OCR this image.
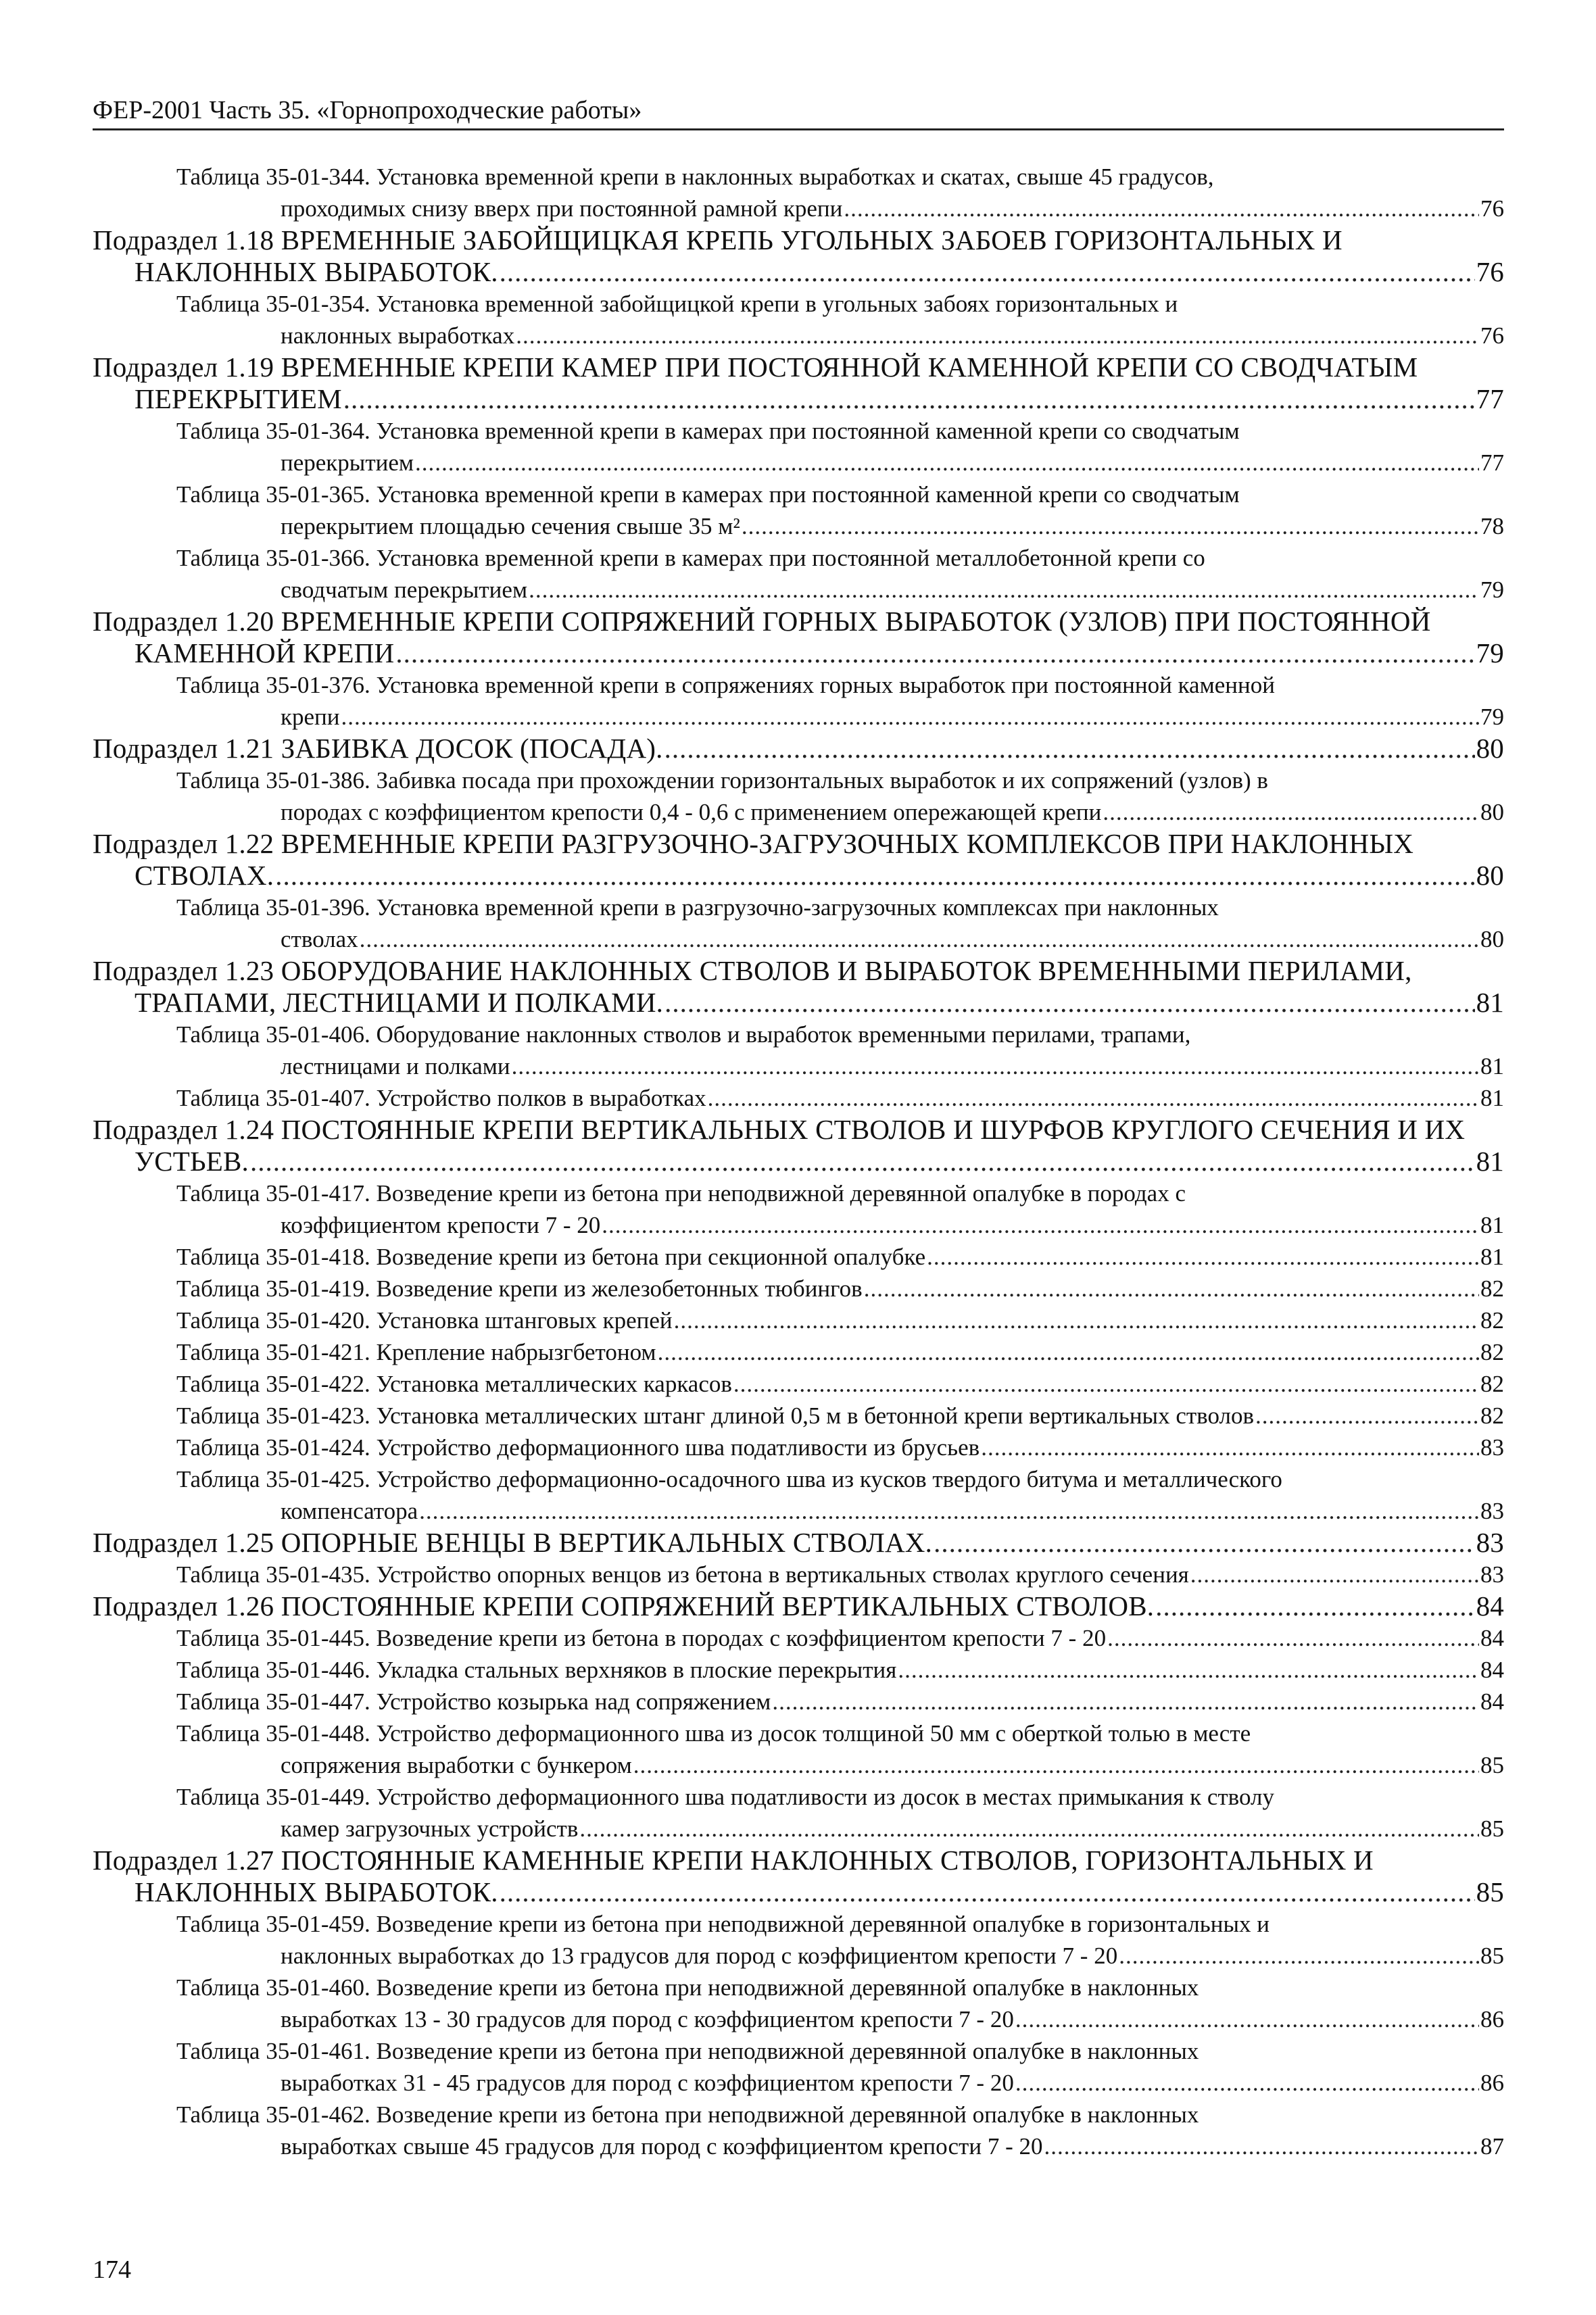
ФЕР-2001 Часть 35. «Горнопроходческие работы»
Таблица 35-01-344. Установка временной крепи в наклонных выработках и скатах, свыше 45 градусов,
проходимых снизу вверх при постоянной рамной крепи .....	76
Подраздел 1.18 ВРЕМЕННЫЕ ЗАБОЙЩИЦКАЯ КРЕПЬ УГОЛЬНЫХ ЗАБОЕВ ГОРИЗОНТАЛЬНЫХ И
НАКЛОННЫХ ВЫРАБОТОК. .....	76
Таблица 35-01-354. Установка временной забойщицкой крепи в угольных забоях горизонтальных и
наклонных выработках .....	76
Подраздел 1.19 ВРЕМЕННЫЕ КРЕПИ КАМЕР ПРИ ПОСТОЯННОЙ КАМЕННОЙ КРЕПИ СО СВОДЧАТЫМ
ПЕРЕКРЫТИЕМ .....	77
Таблица 35-01-364. Установка временной крепи в камерах при постоянной каменной крепи со сводчатым
перекрытием .....	77
Таблица 35-01-365. Установка временной крепи в камерах при постоянной каменной крепи со сводчатым
перекрытием площадью сечения свыше 35 м² .....	78
Таблица 35-01-366. Установка временной крепи в камерах при постоянной металлобетонной крепи со
сводчатым перекрытием .....	79
Подраздел 1.20 ВРЕМЕННЫЕ КРЕПИ СОПРЯЖЕНИЙ ГОРНЫХ ВЫРАБОТОК (УЗЛОВ) ПРИ ПОСТОЯННОЙ
КАМЕННОЙ КРЕПИ .....	79
Таблица 35-01-376. Установка временной крепи в сопряжениях горных выработок при постоянной каменной
крепи .....	79
Подраздел 1.21 ЗАБИВКА ДОСОК (ПОСАДА). .....	80
Таблица 35-01-386. Забивка посада при прохождении горизонтальных выработок и их сопряжений (узлов) в
породах с коэффициентом крепости 0,4 - 0,6 с применением опережающей крепи .....	80
Подраздел 1.22 ВРЕМЕННЫЕ КРЕПИ РАЗГРУЗОЧНО-ЗАГРУЗОЧНЫХ КОМПЛЕКСОВ ПРИ НАКЛОННЫХ
СТВОЛАХ. .....	80
Таблица 35-01-396. Установка временной крепи в разгрузочно-загрузочных комплексах при наклонных
стволах .....	80
Подраздел 1.23 ОБОРУДОВАНИЕ НАКЛОННЫХ СТВОЛОВ И ВЫРАБОТОК ВРЕМЕННЫМИ ПЕРИЛАМИ,
ТРАПАМИ, ЛЕСТНИЦАМИ И ПОЛКАМИ. .....	81
Таблица 35-01-406. Оборудование наклонных стволов и выработок временными перилами, трапами,
лестницами и полками .....	81
Таблица 35-01-407. Устройство полков в выработках .....	81
Подраздел 1.24 ПОСТОЯННЫЕ КРЕПИ ВЕРТИКАЛЬНЫХ СТВОЛОВ И ШУРФОВ КРУГЛОГО СЕЧЕНИЯ И ИХ
УСТЬЕВ. .....	81
Таблица 35-01-417. Возведение крепи из бетона при неподвижной деревянной опалубке в породах с
коэффициентом крепости 7 - 20 .....	81
Таблица 35-01-418. Возведение крепи из бетона при секционной опалубке .....	81
Таблица 35-01-419. Возведение крепи из железобетонных тюбингов .....	82
Таблица 35-01-420. Установка штанговых крепей .....	82
Таблица 35-01-421. Крепление набрызгбетоном .....	82
Таблица 35-01-422. Установка металлических каркасов .....	82
Таблица 35-01-423. Установка металлических штанг длиной 0,5 м в бетонной крепи вертикальных стволов .....	82
Таблица 35-01-424. Устройство деформационного шва податливости из брусьев .....	83
Таблица 35-01-425. Устройство деформационно-осадочного шва из кусков твердого битума и металлического
компенсатора .....	83
Подраздел 1.25 ОПОРНЫЕ ВЕНЦЫ В ВЕРТИКАЛЬНЫХ СТВОЛАХ. .....	83
Таблица 35-01-435. Устройство опорных венцов из бетона в вертикальных стволах круглого сечения .....	83
Подраздел 1.26 ПОСТОЯННЫЕ КРЕПИ СОПРЯЖЕНИЙ ВЕРТИКАЛЬНЫХ СТВОЛОВ. .....	84
Таблица 35-01-445. Возведение крепи из бетона в породах с коэффициентом крепости 7 - 20 .....	84
Таблица 35-01-446. Укладка стальных верхняков в плоские перекрытия .....	84
Таблица 35-01-447. Устройство козырька над сопряжением .....	84
Таблица 35-01-448. Устройство деформационного шва из досок толщиной 50 мм с оберткой толью в месте
сопряжения выработки с бункером .....	85
Таблица 35-01-449. Устройство деформационного шва податливости из досок в местах примыкания к стволу
камер загрузочных устройств .....	85
Подраздел 1.27 ПОСТОЯННЫЕ КАМЕННЫЕ КРЕПИ НАКЛОННЫХ СТВОЛОВ, ГОРИЗОНТАЛЬНЫХ И
НАКЛОННЫХ ВЫРАБОТОК. .....	85
Таблица 35-01-459. Возведение крепи из бетона при неподвижной деревянной опалубке в горизонтальных и
наклонных выработках до 13 градусов для пород с коэффициентом крепости 7 - 20 .....	85
Таблица 35-01-460. Возведение крепи из бетона при неподвижной деревянной опалубке в наклонных
выработках 13 - 30 градусов для пород с коэффициентом крепости 7 - 20 .....	86
Таблица 35-01-461. Возведение крепи из бетона при неподвижной деревянной опалубке в наклонных
выработках 31 - 45 градусов для пород с коэффициентом крепости 7 - 20 .....	86
Таблица 35-01-462. Возведение крепи из бетона при неподвижной деревянной опалубке в наклонных
выработках свыше 45 градусов для пород с коэффициентом крепости 7 - 20 .....	87
174
